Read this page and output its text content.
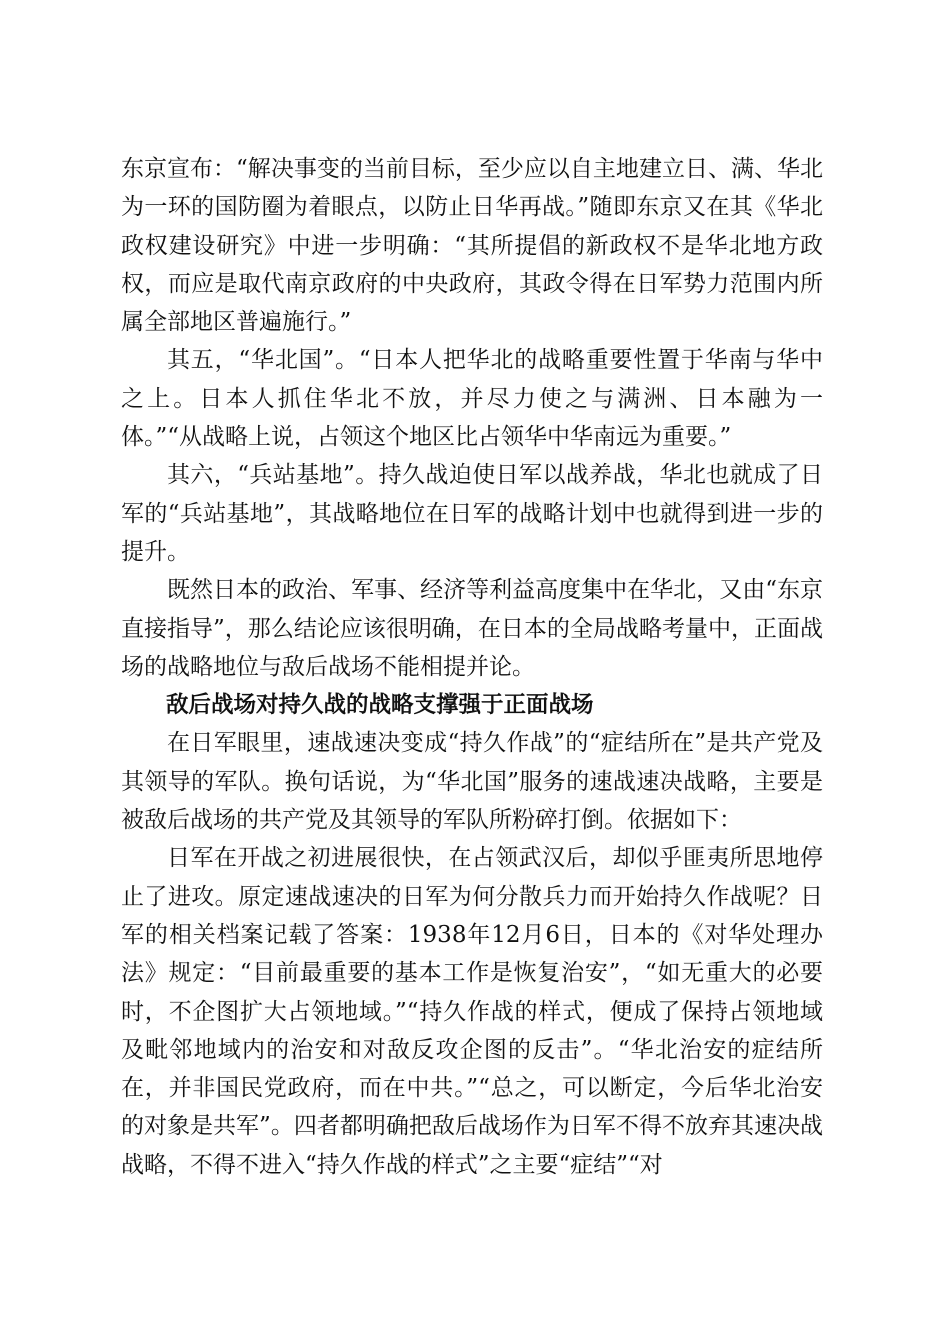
东京宣布：“解决事变的当前目标，至少应以自主地建立日、满、华北为一环的国防圈为着眼点，以防止日华再战。”随即东京又在其《华北政权建设研究》中进一步明确：“其所提倡的新政权不是华北地方政权，而应是取代南京政府的中央政府，其政令得在日军势力范围内所属全部地区普遍施行。”

其五，“华北国”。“日本人把华北的战略重要性置于华南与华中之上。日本人抓住华北不放，并尽力使之与满洲、日本融为一体。”“从战略上说，占领这个地区比占领华中华南远为重要。”

其六，“兵站基地”。持久战迫使日军以战养战，华北也就成了日军的“兵站基地”，其战略地位在日军的战略计划中也就得到进一步的提升。

既然日本的政治、军事、经济等利益高度集中在华北，又由“东京直接指导”，那么结论应该很明确，在日本的全局战略考量中，正面战场的战略地位与敌后战场不能相提并论。

敌后战场对持久战的战略支撑强于正面战场

在日军眼里，速战速决变成“持久作战”的“症结所在”是共产党及其领导的军队。换句话说，为“华北国”服务的速战速决战略，主要是被敌后战场的共产党及其领导的军队所粉碎打倒。依据如下：

日军在开战之初进展很快，在占领武汉后，却似乎匪夷所思地停止了进攻。原定速战速决的日军为何分散兵力而开始持久作战呢？日军的相关档案记载了答案：1938年12月6日，日本的《对华处理办法》规定：“目前最重要的基本工作是恢复治安”，“如无重大的必要时，不企图扩大占领地域。”“持久作战的样式，便成了保持占领地域及毗邻地域内的治安和对敌反攻企图的反击”。“华北治安的症结所在，并非国民党政府，而在中共。”“总之，可以断定，今后华北治安的对象是共军”。四者都明确把敌后战场作为日军不得不放弃其速决战战略，不得不进入“持久作战的样式”之主要“症结”“对
